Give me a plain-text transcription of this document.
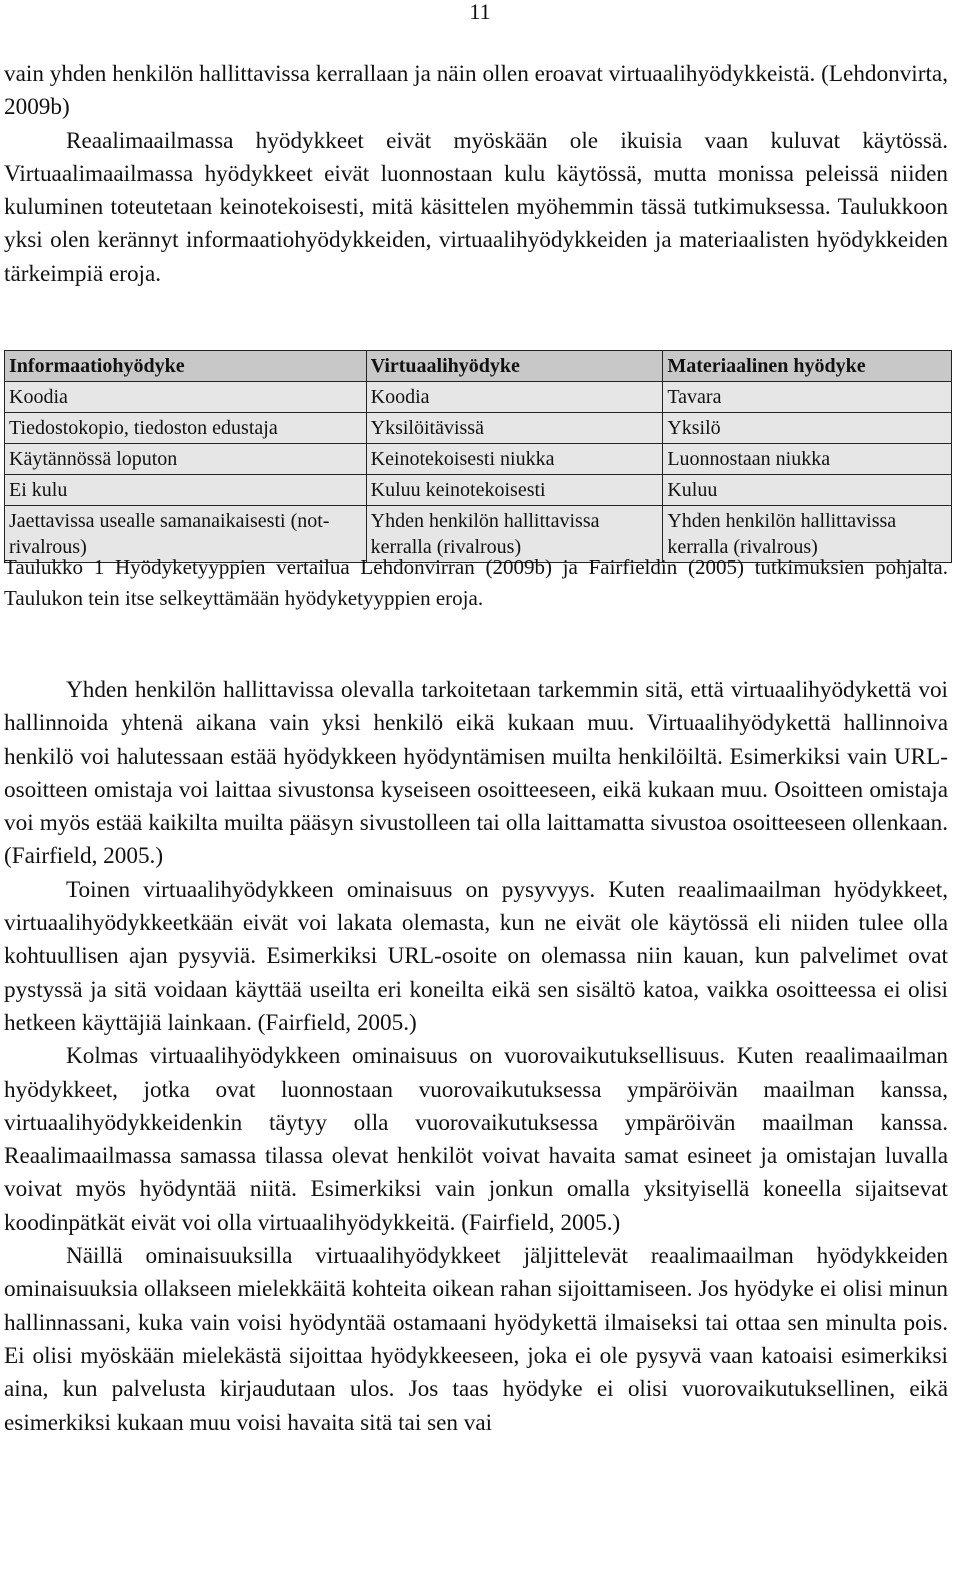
11

vain yhden henkilön hallittavissa kerrallaan ja näin ollen eroavat virtuaalihyödykkeistä. (Lehdonvirta, 2009b)

Reaalimaailmassa hyödykkeet eivät myöskään ole ikuisia vaan kuluvat käytössä. Virtuaalimaailmassa hyödykkeet eivät luonnostaan kulu käytössä, mutta monissa peleissä niiden kuluminen toteutetaan keinotekoisesti, mitä käsittelen myöhemmin tässä tutkimuksessa. Taulukkoon yksi olen kerännyt informaatiohyödykkeiden, virtuaalihyödykkeiden ja materiaalisten hyödykkeiden tärkeimpiä eroja.

Informaatiohyödyke	Virtuaalihyödyke	Materiaalinen hyödyke
Koodia	Koodia	Tavara
Tiedostokopio, tiedoston edustaja	Yksilöitävissä	Yksilö
Käytännössä loputon	Keinotekoisesti niukka	Luonnostaan niukka
Ei kulu	Kuluu keinotekoisesti	Kuluu
Jaettavissa usealle samanaikaisesti (not-rivalrous)	Yhden henkilön hallittavissa kerralla (rivalrous)	Yhden henkilön hallittavissa kerralla (rivalrous)
Taulukko 1 Hyödyketyyppien vertailua Lehdonvirran (2009b) ja Fairfieldin (2005) tutkimuksien pohjalta. Taulukon tein itse selkeyttämään hyödyketyyppien eroja.

Yhden henkilön hallittavissa olevalla tarkoitetaan tarkemmin sitä, että virtuaalihyödykettä voi hallinnoida yhtenä aikana vain yksi henkilö eikä kukaan muu. Virtuaalihyödykettä hallinnoiva henkilö voi halutessaan estää hyödykkeen hyödyntämisen muilta henkilöiltä. Esimerkiksi vain URL-osoitteen omistaja voi laittaa sivustonsa kyseiseen osoitteeseen, eikä kukaan muu. Osoitteen omistaja voi myös estää kaikilta muilta pääsyn sivustolleen tai olla laittamatta sivustoa osoitteeseen ollenkaan. (Fairfield, 2005.)

Toinen virtuaalihyödykkeen ominaisuus on pysyvyys. Kuten reaalimaailman hyödykkeet, virtuaalihyödykkeetkään eivät voi lakata olemasta, kun ne eivät ole käytössä eli niiden tulee olla kohtuullisen ajan pysyviä. Esimerkiksi URL-osoite on olemassa niin kauan, kun palvelimet ovat pystyssä ja sitä voidaan käyttää useilta eri koneilta eikä sen sisältö katoa, vaikka osoitteessa ei olisi hetkeen käyttäjiä lainkaan. (Fairfield, 2005.)

Kolmas virtuaalihyödykkeen ominaisuus on vuorovaikutuksellisuus. Kuten reaalimaailman hyödykkeet, jotka ovat luonnostaan vuorovaikutuksessa ympäröivän maailman kanssa, virtuaalihyödykkeidenkin täytyy olla vuorovaikutuksessa ympäröivän maailman kanssa. Reaalimaailmassa samassa tilassa olevat henkilöt voivat havaita samat esineet ja omistajan luvalla voivat myös hyödyntää niitä. Esimerkiksi vain jonkun omalla yksityisellä koneella sijaitsevat koodinpätkät eivät voi olla virtuaalihyödykkeitä. (Fairfield, 2005.)

Näillä ominaisuuksilla virtuaalihyödykkeet jäljittelevät reaalimaailman hyödykkeiden ominaisuuksia ollakseen mielekkäitä kohteita oikean rahan sijoittamiseen. Jos hyödyke ei olisi minun hallinnassani, kuka vain voisi hyödyntää ostamaani hyödykettä ilmaiseksi tai ottaa sen minulta pois. Ei olisi myöskään mielekästä sijoittaa hyödykkeeseen, joka ei ole pysyvä vaan katoaisi esimerkiksi aina, kun palvelusta kirjaudutaan ulos. Jos taas hyödyke ei olisi vuorovaikutuksellinen, eikä esimerkiksi kukaan muu voisi havaita sitä tai sen vai
